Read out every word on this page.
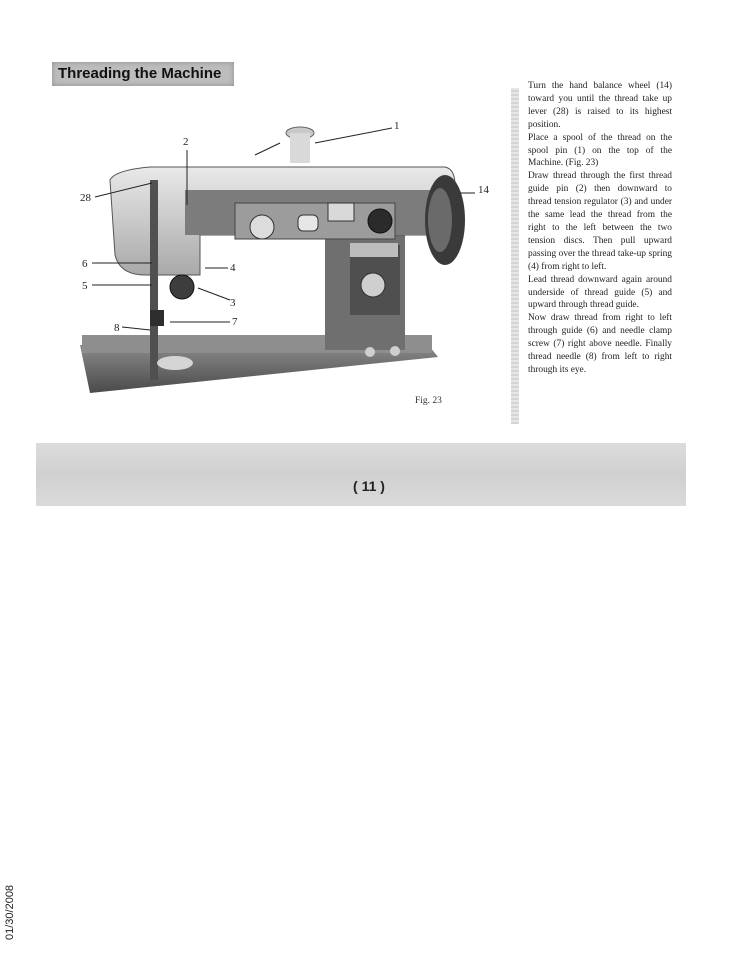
Threading the Machine
1
2
28
14
6	4
5
3
7
8
Fig. 23

Turn the hand balance wheel (14) toward you until the thread take up lever (28) is raised to its highest position.

Place a spool of the thread on the spool pin (1) on the top of the Machine. (Fig. 23)

Draw thread through the first thread guide pin (2) then downward to thread tension regulator (3) and under the same lead the thread from the right to the left between the two tension discs. Then pull upward passing over the thread take-up spring (4) from right to left.

Lead thread downward again around underside of thread guide (5) and upward through thread guide.

Now draw thread from right to left through guide (6) and needle clamp screw (7) right above needle. Finally thread needle (8) from left to right through its eye.

( 11 )
01/30/2008
